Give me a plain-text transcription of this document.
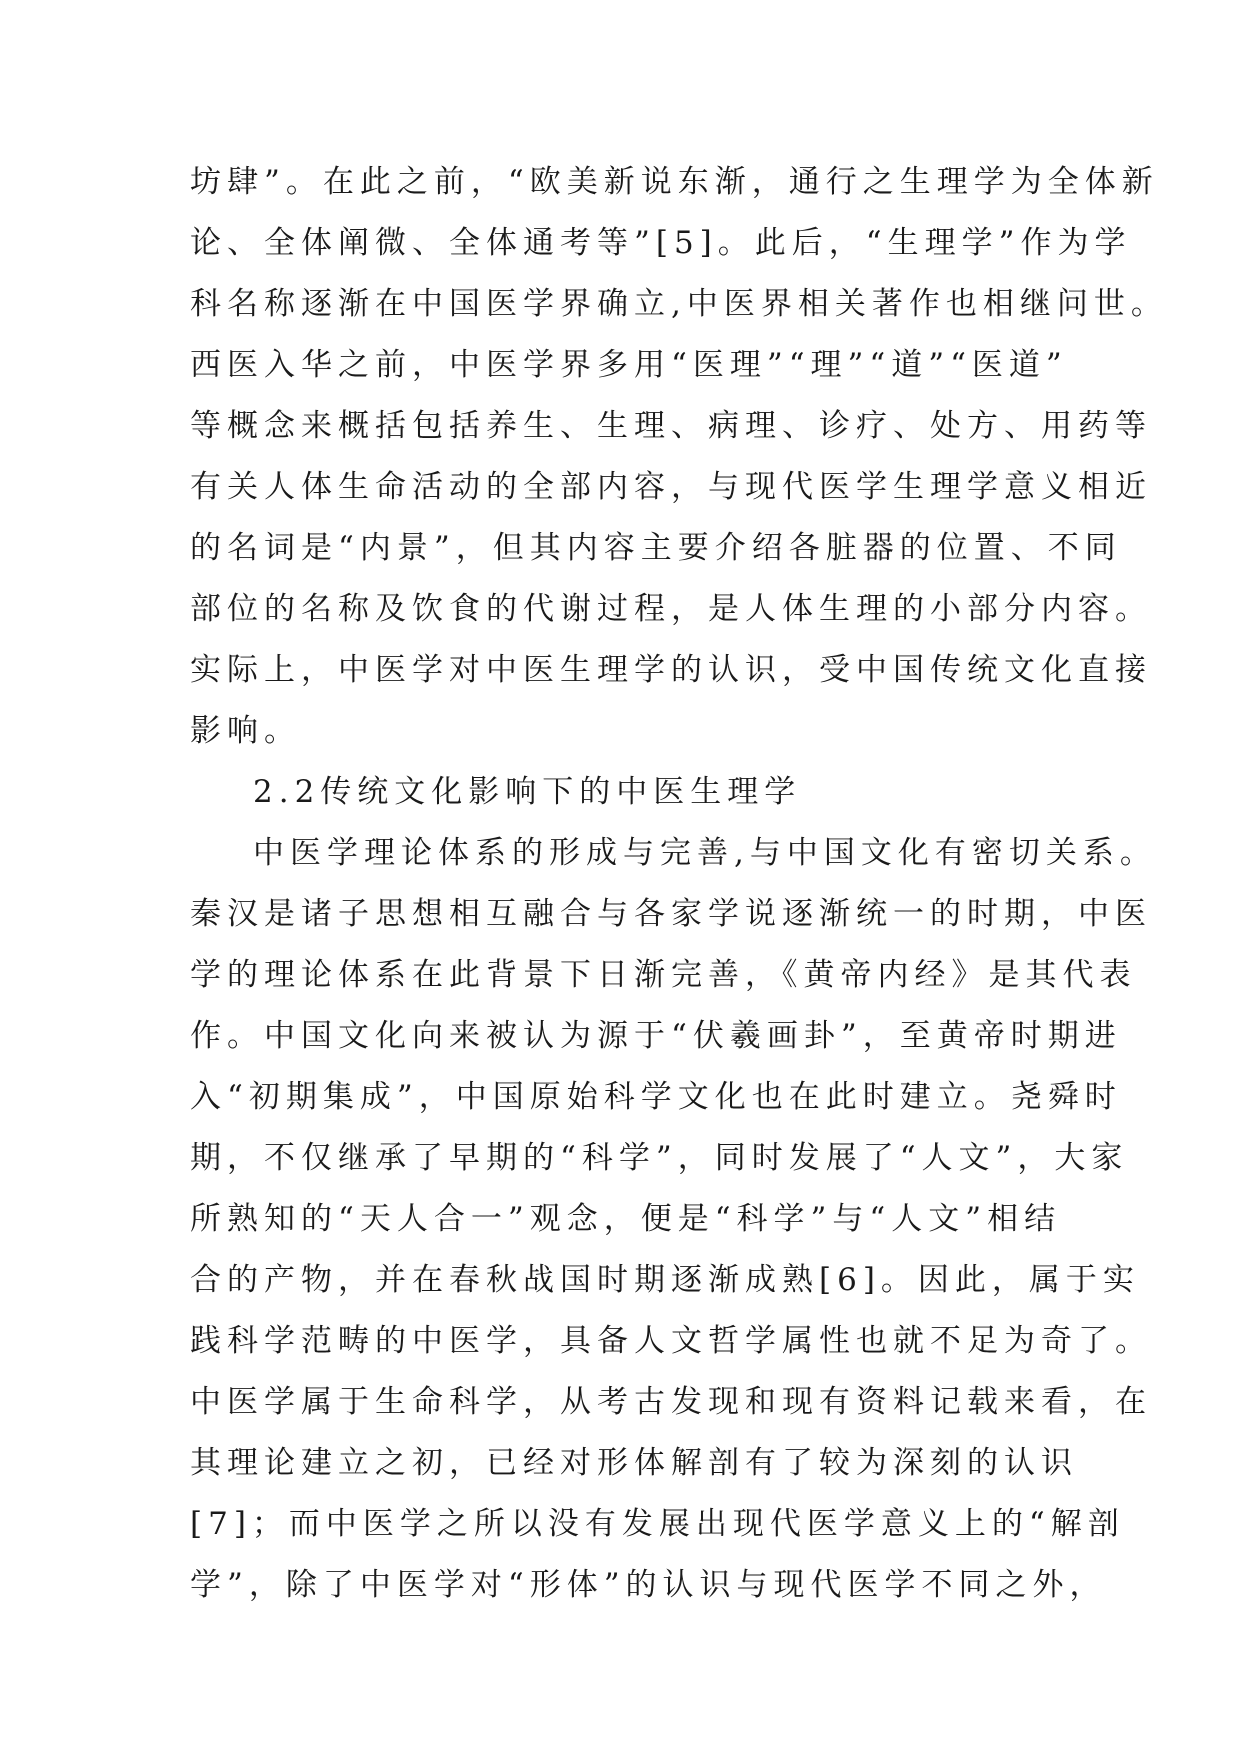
坊肆”。在此之前，“欧美新说东渐，通行之生理学为全体新
论、全体阐微、全体通考等”[5]。此后，“生理学”作为学
科名称逐渐在中国医学界确立,中医界相关著作也相继问世。
西医入华之前，中医学界多用“医理”“理”“道”“医道”
等概念来概括包括养生、生理、病理、诊疗、处方、用药等
有关人体生命活动的全部内容，与现代医学生理学意义相近
的名词是“内景”，但其内容主要介绍各脏器的位置、不同
部位的名称及饮食的代谢过程，是人体生理的小部分内容。
实际上，中医学对中医生理学的认识，受中国传统文化直接
影响。
2.2传统文化影响下的中医生理学
中医学理论体系的形成与完善,与中国文化有密切关系。
秦汉是诸子思想相互融合与各家学说逐渐统一的时期，中医
学的理论体系在此背景下日渐完善，《黄帝内经》是其代表
作。中国文化向来被认为源于“伏羲画卦”，至黄帝时期进
入“初期集成”，中国原始科学文化也在此时建立。尧舜时
期，不仅继承了早期的“科学”，同时发展了“人文”，大家
所熟知的“天人合一”观念，便是“科学”与“人文”相结
合的产物，并在春秋战国时期逐渐成熟[6]。因此，属于实
践科学范畴的中医学，具备人文哲学属性也就不足为奇了。
中医学属于生命科学，从考古发现和现有资料记载来看，在
其理论建立之初，已经对形体解剖有了较为深刻的认识
[7]；而中医学之所以没有发展出现代医学意义上的“解剖
学”，除了中医学对“形体”的认识与现代医学不同之外，
